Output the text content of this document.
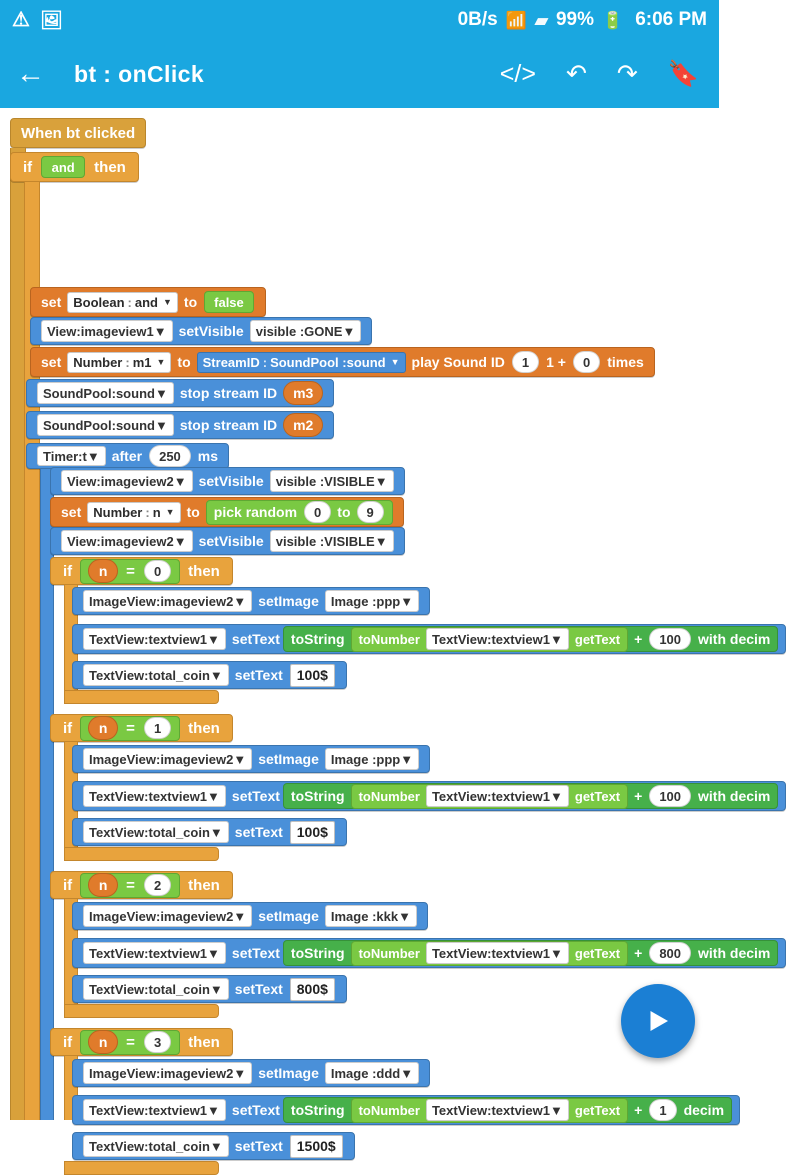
⚠ 🖼	0B/s 📶 ▰ 99% 🔋 6:06 PM
←	bt : onClick	</> ↶ ↷ 🔖
When bt clicked
if	and	then
set Boolean : and ▼ to	false
View : imageview1 ▼ setVisible visible : GONE ▼
set Number : m1 ▼ to StreamID : SoundPool : sound ▼ play Sound ID	1	1 +	0	times
SoundPool : sound ▼ stop stream ID	m3
SoundPool : sound ▼ stop stream ID	m2
Timer : t ▼ after	250	ms
View : imageview2 ▼ setVisible visible : VISIBLE ▼
set Number : n ▼ to pick random	0	to	9
View : imageview2 ▼ setVisible visible : VISIBLE ▼
if	n	=	0	then
ImageView : imageview2 ▼ setImage Image : ppp ▼
TextView : textview1 ▼ setText toString toNumber TextView : textview1 ▼ getText +	100	with decim
TextView : total_coin ▼ setText	100$
if	n	=	1	then
ImageView : imageview2 ▼ setImage Image : ppp ▼
TextView : textview1 ▼ setText toString toNumber TextView : textview1 ▼ getText +	100	with decim
TextView : total_coin ▼ setText	100$
if	n	=	2	then
ImageView : imageview2 ▼ setImage Image : kkk ▼
TextView : textview1 ▼ setText toString toNumber TextView : textview1 ▼ getText +	800	with decim
TextView : total_coin ▼ setText	800$
if	n	=	3	then
ImageView : imageview2 ▼ setImage Image : ddd ▼
TextView : textview1 ▼ setText toString toNumber TextView : textview1 ▼ getText +	1	decim
TextView : total_coin ▼ setText	1500$
